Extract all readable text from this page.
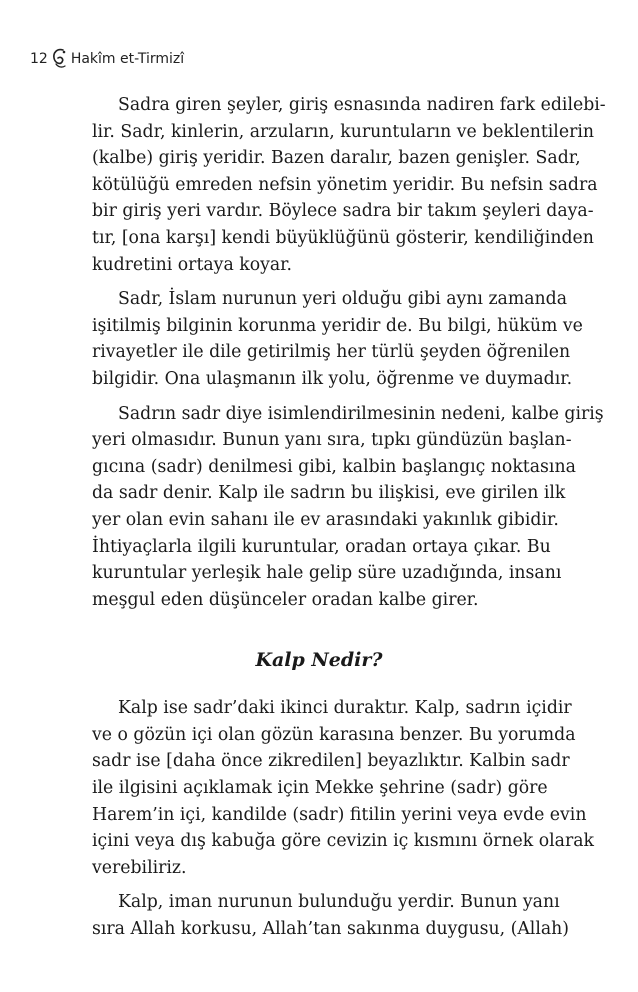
12 Hakîm et-Tirmizî

Sadra giren şeyler, giriş esnasında nadiren fark edilebi-
lir. Sadr, kinlerin, arzuların, kuruntuların ve beklentilerin
(kalbe) giriş yeridir. Bazen daralır, bazen genişler. Sadr,
kötülüğü emreden nefsin yönetim yeridir. Bu nefsin sadra
bir giriş yeri vardır. Böylece sadra bir takım şeyleri daya-
tır, [ona karşı] kendi büyüklüğünü gösterir, kendiliğinden
kudretini ortaya koyar.

Sadr, İslam nurunun yeri olduğu gibi aynı zamanda
işitilmiş bilginin korunma yeridir de. Bu bilgi, hüküm ve
rivayetler ile dile getirilmiş her türlü şeyden öğrenilen
bilgidir. Ona ulaşmanın ilk yolu, öğrenme ve duymadır.

Sadrın sadr diye isimlendirilmesinin nedeni, kalbe giriş
yeri olmasıdır. Bunun yanı sıra, tıpkı gündüzün başlan-
gıcına (sadr) denilmesi gibi, kalbin başlangıç noktasına
da sadr denir. Kalp ile sadrın bu ilişkisi, eve girilen ilk
yer olan evin sahanı ile ev arasındaki yakınlık gibidir.
İhtiyaçlarla ilgili kuruntular, oradan ortaya çıkar. Bu
kuruntular yerleşik hale gelip süre uzadığında, insanı
meşgul eden düşünceler oradan kalbe girer.

Kalp Nedir?

Kalp ise sadr’daki ikinci duraktır. Kalp, sadrın içidir
ve o gözün içi olan gözün karasına benzer. Bu yorumda
sadr ise [daha önce zikredilen] beyazlıktır. Kalbin sadr
ile ilgisini açıklamak için Mekke şehrine (sadr) göre
Harem’in içi, kandilde (sadr) fitilin yerini veya evde evin
içini veya dış kabuğa göre cevizin iç kısmını örnek olarak
verebiliriz.

Kalp, iman nurunun bulunduğu yerdir. Bunun yanı
sıra Allah korkusu, Allah’tan sakınma duygusu, (Allah)
